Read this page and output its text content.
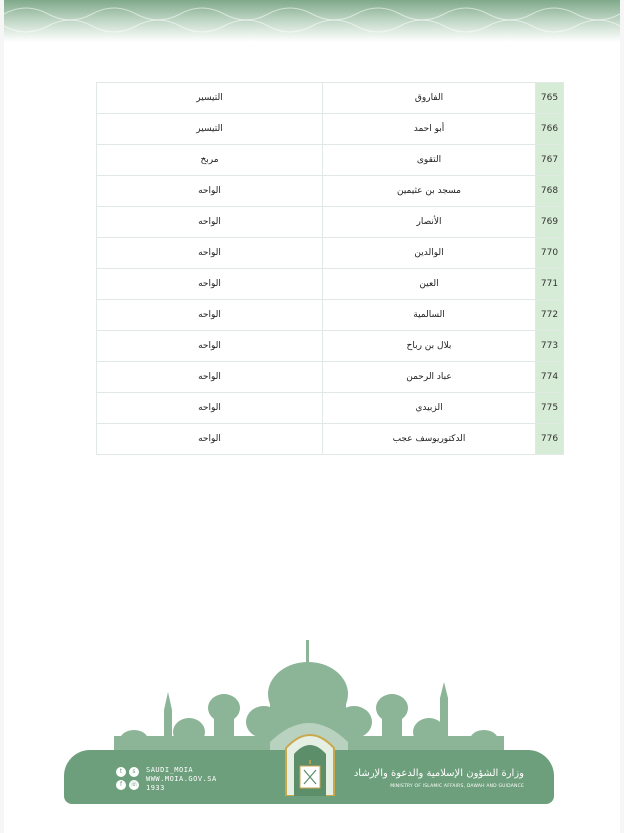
765	الفاروق	التيسير
766	أبو احمد	التيسير
767	التقوى	مربخ
768	مسجد بن عثيمين	الواحه
769	الأنصار	الواحه
770	الوالدين	الواحه
771	العين	الواحه
772	السالمية	الواحه
773	بلال بن رباح	الواحه
774	عباد الرحمن	الواحه
775	الزبيدي	الواحه
776	الدكتوريوسف عجب	الواحه
t	s
f	☏
SAUDI_MOIA
WWW.MOIA.GOV.SA
1933
وزارة الشؤون الإسلامية والدعوة والإرشاد
MINISTRY OF ISLAMIC AFFAIRS, DAWAH AND GUIDANCE
